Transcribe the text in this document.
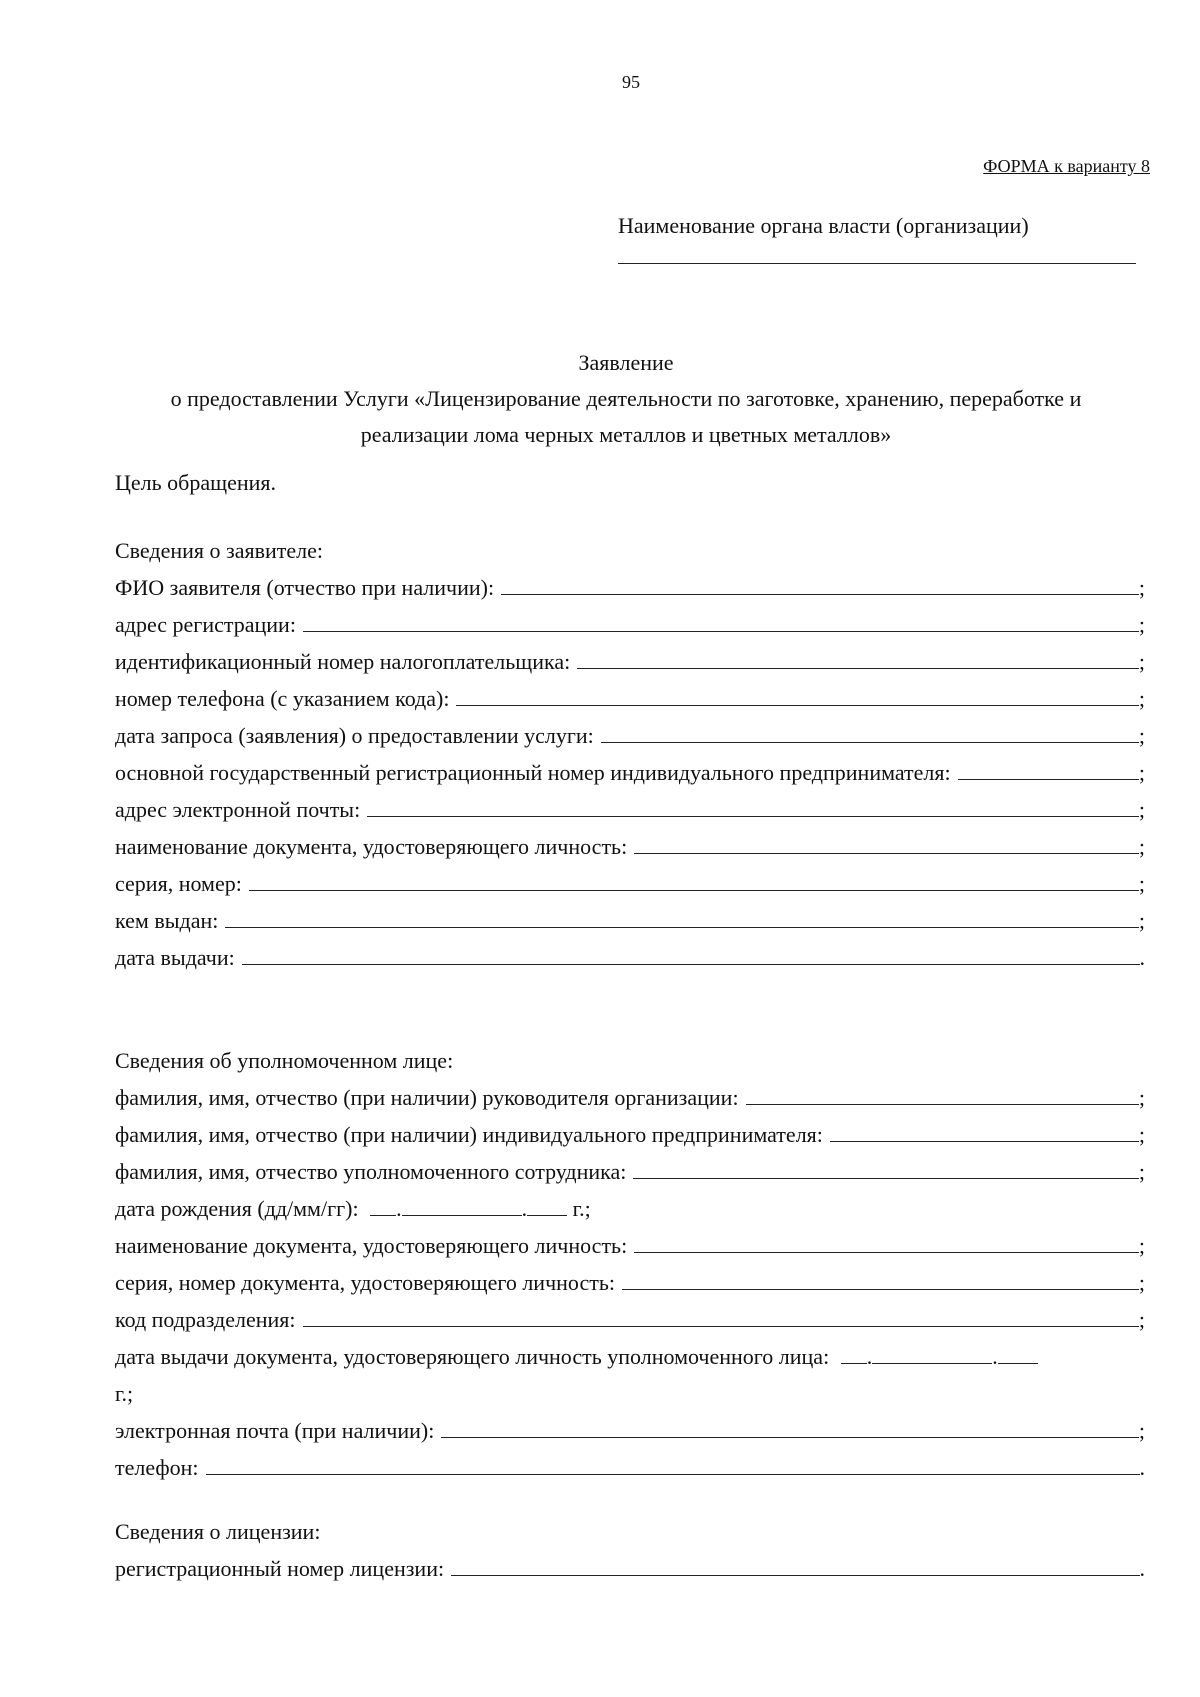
95
ФОРМА к варианту 8
Наименование органа власти (организации)
Заявление
о предоставлении Услуги «Лицензирование деятельности по заготовке, хранению, переработке и
реализации лома черных металлов и цветных металлов»
Цель обращения.
Сведения о заявителе:
ФИО заявителя (отчество при наличии):	;
адрес регистрации:	;
идентификационный номер налогоплательщика:	;
номер телефона (с указанием кода):	;
дата запроса (заявления) о предоставлении услуги:	;
основной государственный регистрационный номер индивидуального предпринимателя:	;
адрес электронной почты:	;
наименование документа, удостоверяющего личность:	;
серия, номер:	;
кем выдан:	;
дата выдачи:	.
Сведения об уполномоченном лице:
фамилия, имя, отчество (при наличии) руководителя организации:	;
фамилия, имя, отчество (при наличии) индивидуального предпринимателя:	;
фамилия, имя, отчество уполномоченного сотрудника:	;
дата рождения (дд/мм/гг): .	. г.;
наименование документа, удостоверяющего личность:	;
серия, номер документа, удостоверяющего личность:	;
код подразделения:	;
дата выдачи документа, удостоверяющего личность уполномоченного лица: .	.
г.;
электронная почта (при наличии):	;
телефон:	.
Сведения о лицензии:
регистрационный номер лицензии:	.
